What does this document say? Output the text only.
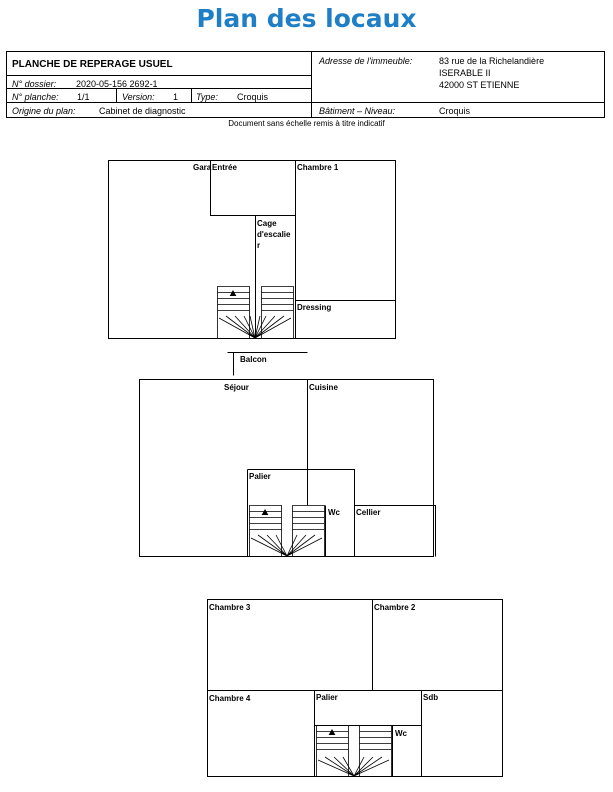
Plan des locaux
PLANCHE DE REPERAGE USUEL
N° dossier: 2020-05-156 2692-1
N° planche: 1/1	Version: 1 Type: Croquis
Origine du plan:	Cabinet de diagnostic
Adresse de l'immeuble:	83 rue de la Richelandière
ISERABLE II
42000 ST ETIENNE
Bâtiment – Niveau:	Croquis
Document sans échelle remis à titre indicatif
Gara Entrée	Chambre 1
Cage
d'escalie
r
Dressing
Balcon
Séjour	Cuisine
Palier
Wc Cellier
Chambre 3	Chambre 2
Chambre 4	Palier	Sdb
Wc
